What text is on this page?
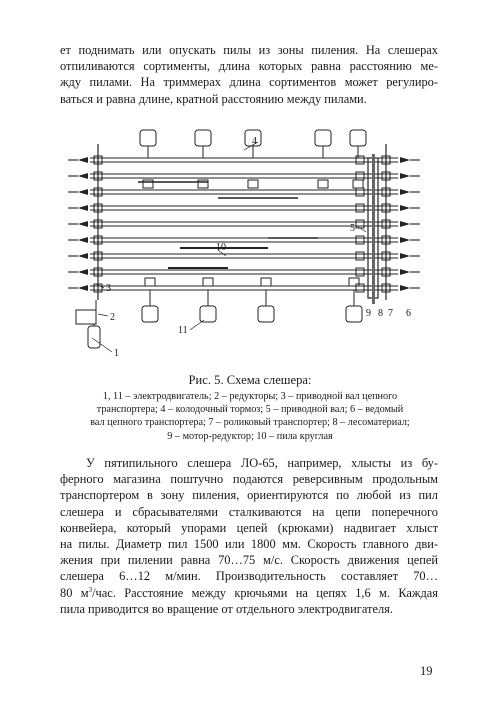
ет поднимать или опускать пилы из зоны пиления. На слешерах
отпиливаются сортименты, длина которых равна расстоянию ме-
жду пилами. На триммерах длина сортиментов может регулиро-
ваться и равна длине, кратной расстоянию между пилами.

1
2
3
4
5
6
7
8
9
10
11
Рис. 5. Схема слешера:
1, 11 – электродвигатель; 2 – редукторы; 3 – приводной вал цепного
транспортера; 4 – колодочный тормоз; 5 – приводной вал; 6 – ведомый
вал цепного транспортера; 7 – роликовый транспортер; 8 – лесоматериал;
9 – мотор-редуктор; 10 – пила круглая

У пятипильного слешера ЛО-65, например, хлысты из бу-
ферного магазина поштучно подаются реверсивным продольным
транспортером в зону пиления, ориентируются по любой из пил
слешера и сбрасывателями сталкиваются на цепи поперечного
конвейера, который упорами цепей (крюками) надвигает хлыст
на пилы. Диаметр пил 1500 или 1800 мм. Скорость главного дви-
жения при пилении равна 70…75 м/с. Скорость движения цепей
слешера 6…12 м/мин. Производительность составляет 70…
80 $м^3$/час. Расстояние между крючьями на цепях 1,6 м. Каждая
пила приводится во вращение от отдельного электродвигателя.

19
